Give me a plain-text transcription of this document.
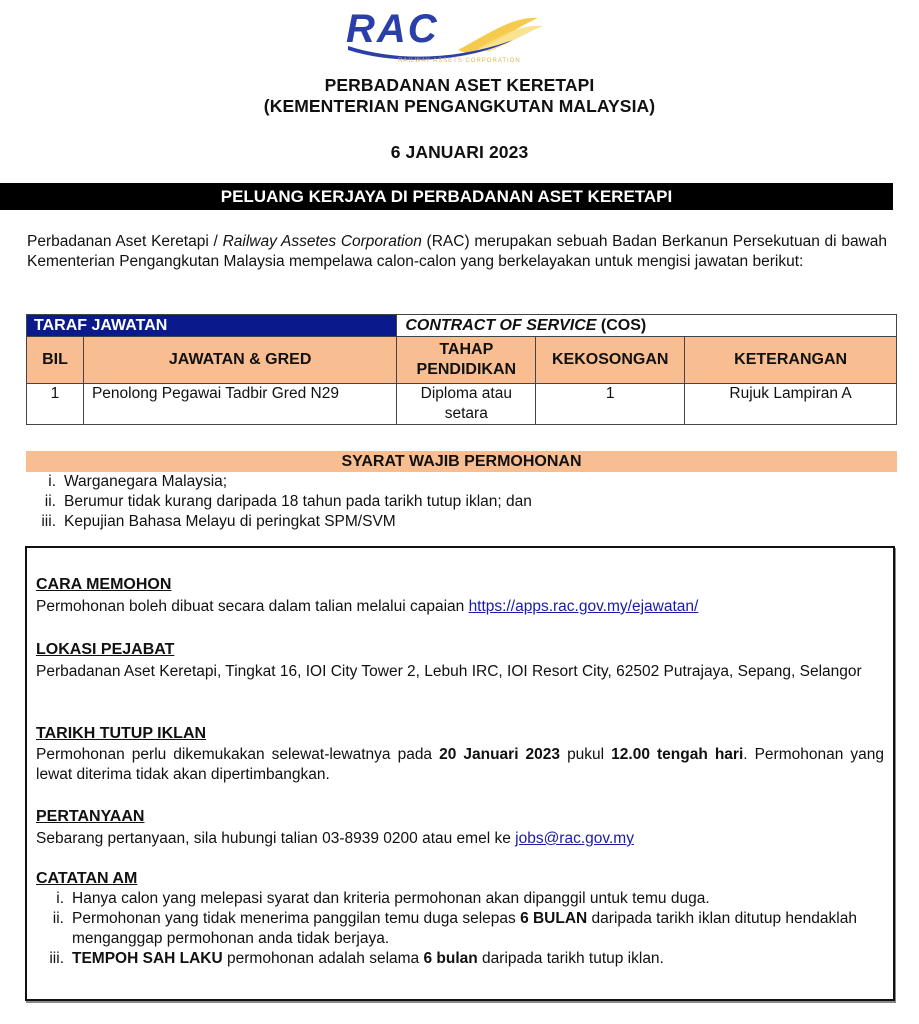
RAC
RAILWAY ASSETS CORPORATION
PERBADANAN ASET KERETAPI
(KEMENTERIAN PENGANGKUTAN MALAYSIA)
6 JANUARI 2023
PELUANG KERJAYA DI PERBADANAN ASET KERETAPI
Perbadanan Aset Keretapi / Railway Assetes Corporation (RAC) merupakan sebuah Badan Berkanun Persekutuan di bawah Kementerian Pengangkutan Malaysia mempelawa calon-calon yang berkelayakan untuk mengisi jawatan berikut:
TARAF JAWATAN		CONTRACT OF SERVICE (COS)		
BIL	JAWATAN & GRED	TAHAP PENDIDIKAN	KEKOSONGAN	KETERANGAN
1	Penolong Pegawai Tadbir Gred N29	Diploma atau setara	1	Rujuk Lampiran A
SYARAT WAJIB PERMOHONAN
i. Warganegara Malaysia;
ii. Berumur tidak kurang daripada 18 tahun pada tarikh tutup iklan; dan
iii. Kepujian Bahasa Melayu di peringkat SPM/SVM
CARA MEMOHON
Permohonan boleh dibuat secara dalam talian melalui capaian https://apps.rac.gov.my/ejawatan/
LOKASI PEJABAT
Perbadanan Aset Keretapi, Tingkat 16, IOI City Tower 2, Lebuh IRC, IOI Resort City, 62502 Putrajaya, Sepang, Selangor
TARIKH TUTUP IKLAN
Permohonan perlu dikemukakan selewat-lewatnya pada 20 Januari 2023 pukul 12.00 tengah hari. Permohonan yang lewat diterima tidak akan dipertimbangkan.
PERTANYAAN
Sebarang pertanyaan, sila hubungi talian 03-8939 0200 atau emel ke jobs@rac.gov.my
CATATAN AM
i. Hanya calon yang melepasi syarat dan kriteria permohonan akan dipanggil untuk temu duga.
ii. Permohonan yang tidak menerima panggilan temu duga selepas 6 BULAN daripada tarikh iklan ditutup hendaklah menganggap permohonan anda tidak berjaya.
iii. TEMPOH SAH LAKU permohonan adalah selama 6 bulan daripada tarikh tutup iklan.
